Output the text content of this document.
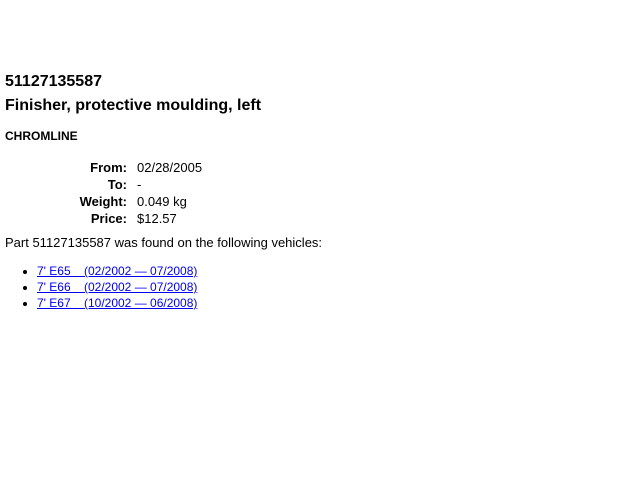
51127135587
Finisher, protective moulding, left
CHROMLINE
From:	02/28/2005
To:	-
Weight:	0.049 kg
Price:	$12.57

Part 51127135587 was found on the following vehicles:

• 7' E65    (02/2002 — 07/2008)
• 7' E66    (02/2002 — 07/2008)
• 7' E67    (10/2002 — 06/2008)
